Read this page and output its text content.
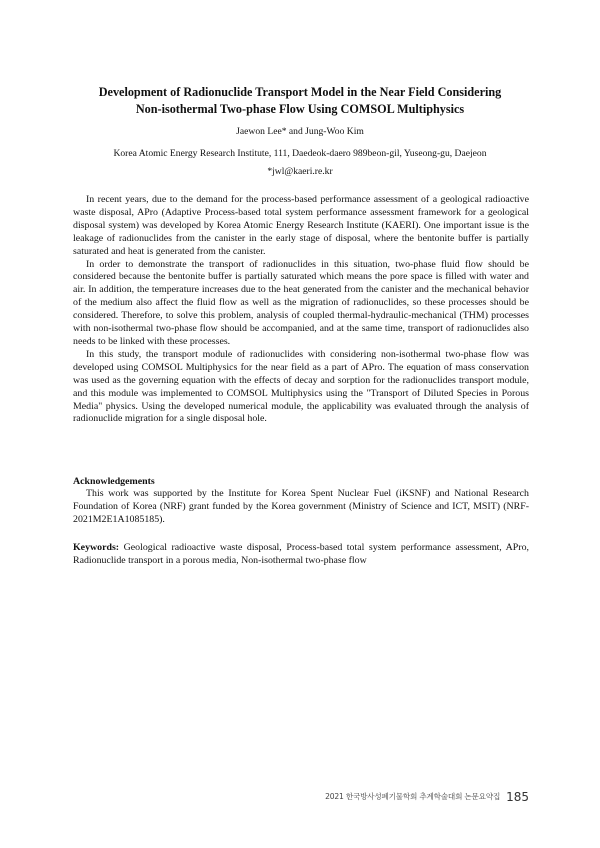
Development of Radionuclide Transport Model in the Near Field Considering
Non-isothermal Two-phase Flow Using COMSOL Multiphysics
Jaewon Lee* and Jung-Woo Kim
Korea Atomic Energy Research Institute, 111, Daedeok-daero 989beon-gil, Yuseong-gu, Daejeon
*jwl@kaeri.re.kr

In recent years, due to the demand for the process-based performance assessment of a geological radioactive waste disposal, APro (Adaptive Process-based total system performance assessment framework for a geological disposal system) was developed by Korea Atomic Energy Research Institute (KAERI). One important issue is the leakage of radionuclides from the canister in the early stage of disposal, where the bentonite buffer is partially saturated and heat is generated from the canister.

In order to demonstrate the transport of radionuclides in this situation, two-phase fluid flow should be considered because the bentonite buffer is partially saturated which means the pore space is filled with water and air. In addition, the temperature increases due to the heat generated from the canister and the mechanical behavior of the medium also affect the fluid flow as well as the migration of radionuclides, so these processes should be considered. Therefore, to solve this problem, analysis of coupled thermal-hydraulic-mechanical (THM) processes with non-isothermal two-phase flow should be accompanied, and at the same time, transport of radionuclides also needs to be linked with these processes.

In this study, the transport module of radionuclides with considering non-isothermal two-phase flow was developed using COMSOL Multiphysics for the near field as a part of APro. The equation of mass conservation was used as the governing equation with the effects of decay and sorption for the radionuclides transport module, and this module was implemented to COMSOL Multiphysics using the "Transport of Diluted Species in Porous Media" physics. Using the developed numerical module, the applicability was evaluated through the analysis of radionuclide migration for a single disposal hole.

Acknowledgements

This work was supported by the Institute for Korea Spent Nuclear Fuel (iKSNF) and National Research Foundation of Korea (NRF) grant funded by the Korea government (Ministry of Science and ICT, MSIT) (NRF-2021M2E1A1085185).

Keywords: Geological radioactive waste disposal, Process-based total system performance assessment, APro, Radionuclide transport in a porous media, Non-isothermal two-phase flow

2021 한국방사성폐기물학회 추계학술대회 논문요약집 185
